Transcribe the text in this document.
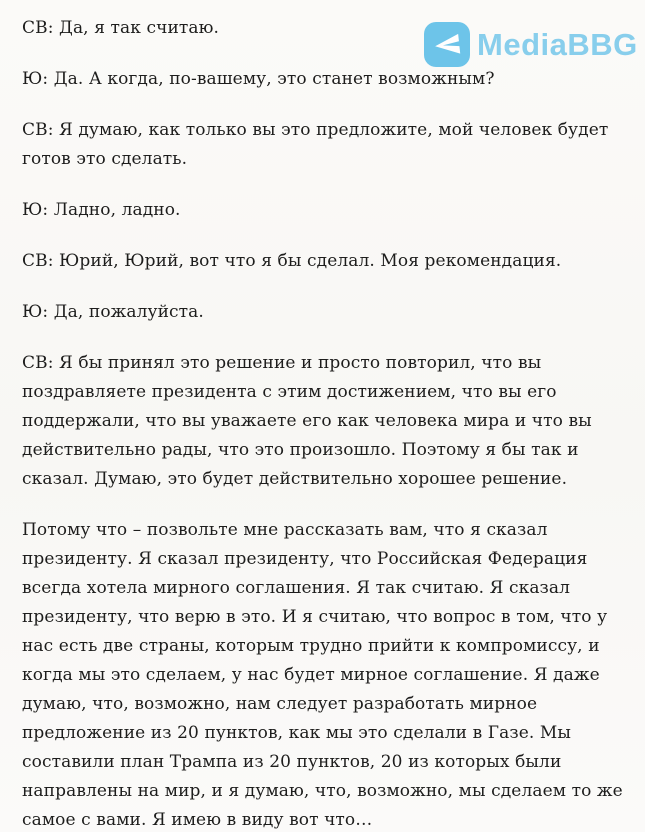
MediaBBG

СВ: Да, я так считаю.

Ю: Да. А когда, по-вашему, это станет возможным?

СВ: Я думаю, как только вы это предложите, мой человек будет готов это сделать.

Ю: Ладно, ладно.

СВ: Юрий, Юрий, вот что я бы сделал. Моя рекомендация.

Ю: Да, пожалуйста.

СВ: Я бы принял это решение и просто повторил, что вы поздравляете президента с этим достижением, что вы его поддержали, что вы уважаете его как человека мира и что вы действительно рады, что это произошло. Поэтому я бы так и сказал. Думаю, это будет действительно хорошее решение.

Потому что – позвольте мне рассказать вам, что я сказал президенту. Я сказал президенту, что Российская Федерация всегда хотела мирного соглашения. Я так считаю. Я сказал президенту, что верю в это. И я считаю, что вопрос в том, что у нас есть две страны, которым трудно прийти к компромиссу, и когда мы это сделаем, у нас будет мирное соглашение. Я даже думаю, что, возможно, нам следует разработать мирное предложение из 20 пунктов, как мы это сделали в Газе. Мы составили план Трампа из 20 пунктов, 20 из которых были направлены на мир, и я думаю, что, возможно, мы сделаем то же самое с вами. Я имею в виду вот что…
